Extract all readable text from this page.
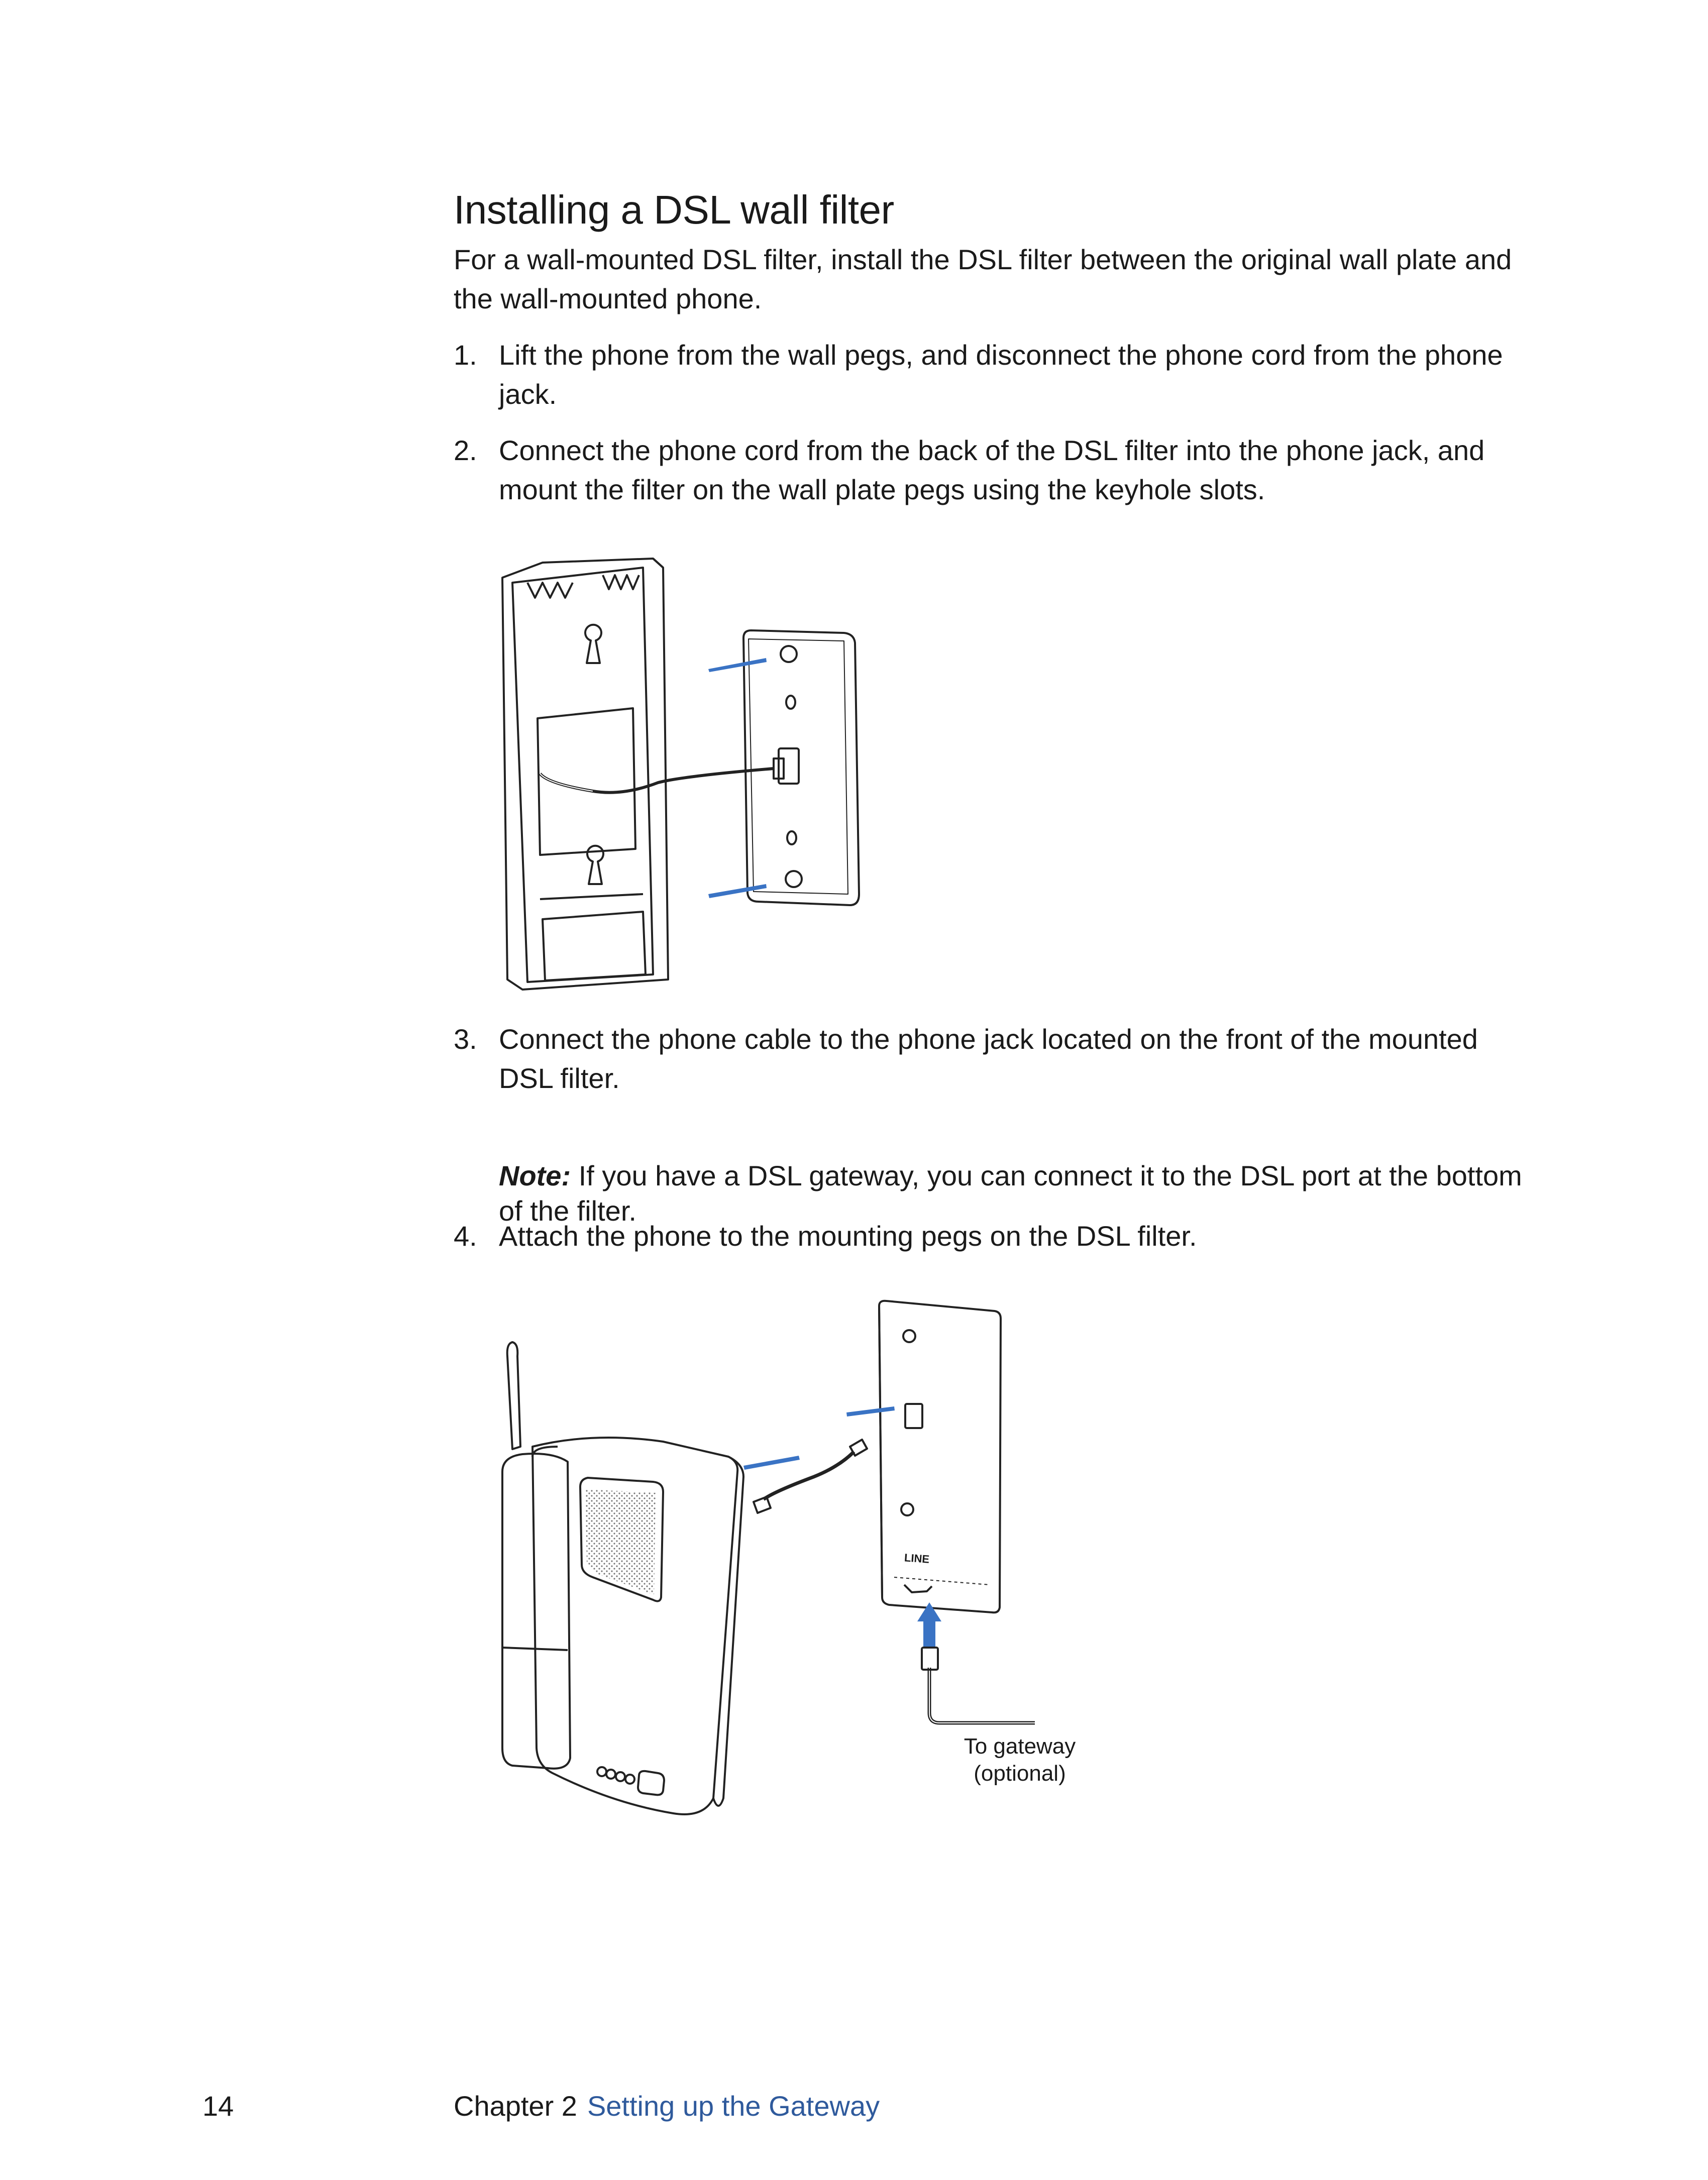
Installing a DSL wall filter

For a wall-mounted DSL filter, install the DSL filter between the original wall plate and the wall-mounted phone.

1. Lift the phone from the wall pegs, and disconnect the phone cord from the phone jack.
2. Connect the phone cord from the back of the DSL filter into the phone jack, and mount the filter on the wall plate pegs using the keyhole slots.
3. Connect the phone cable to the phone jack located on the front of the mounted DSL filter.

Note: If you have a DSL gateway, you can connect it to the DSL port at the bottom of the filter.

4. Attach the phone to the mounting pegs on the DSL filter.
LINE
To gateway
(optional)
14	Chapter 2 Setting up the Gateway
